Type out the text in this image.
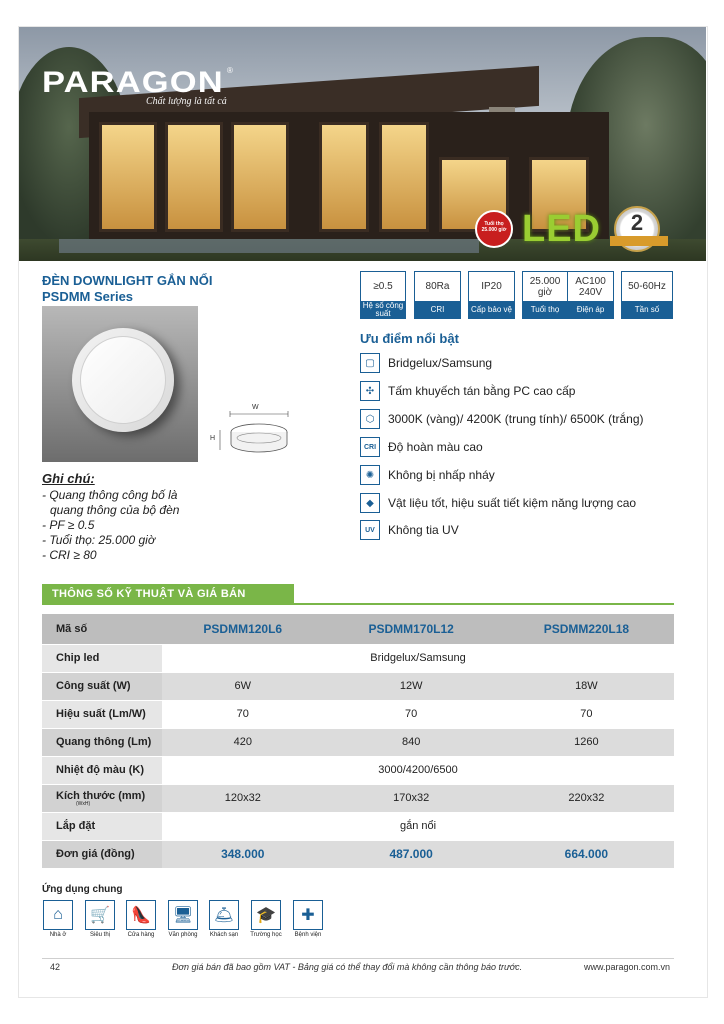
PARAGON ®
Chất lượng là tất cả
Tuổi thọ 25.000 giờ LED	2
ĐÈN DOWNLIGHT GẮN NỔI
PSDMM Series
≥0.5
Hệ số công suất
80Ra
CRI
IP20
Cấp bảo vệ
25.000 giờ
Tuổi thọ
AC100 240V
Điện áp
50-60Hz
Tần số
W
H
Ưu điểm nổi bật
▢	Bridgelux/Samsung
✣	Tấm khuyếch tán bằng PC cao cấp
⬡	3000K (vàng)/ 4200K (trung tính)/ 6500K (trắng)
CRI Độ hoàn màu cao
✺	Không bị nhấp nháy
◆	Vật liệu tốt, hiệu suất tiết kiệm năng lượng cao
UV	Không tia UV
Ghi chú:
- Quang thông công bố là
quang thông của bộ đèn
- PF ≥ 0.5
- Tuổi thọ: 25.000 giờ
- CRI ≥ 80
THÔNG SỐ KỸ THUẬT VÀ GIÁ BÁN
Mã số	PSDMM120L6	PSDMM170L12	PSDMM220L18
Chip led	Bridgelux/Samsung		
Công suất (W)	6W	12W	18W
Hiệu suất (Lm/W)	70	70	70
Quang thông (Lm)	420	840	1260
Nhiệt độ màu (K)	3000/4200/6500		
Kích thước (mm)
(WxH)	120x32	170x32	220x32
Lắp đặt	gắn nổi		
Đơn giá (đồng)	348.000	487.000	664.000
Ứng dụng chung
⌂
Nhà ở
🛒
Siêu thị
👠
Cửa hàng
🖥
Văn phòng
🛎
Khách sạn
🎓
Trường học
✚
Bệnh viện
42	Đơn giá bán đã bao gồm VAT - Bảng giá có thể thay đổi mà không cần thông báo trước.	www.paragon.com.vn
